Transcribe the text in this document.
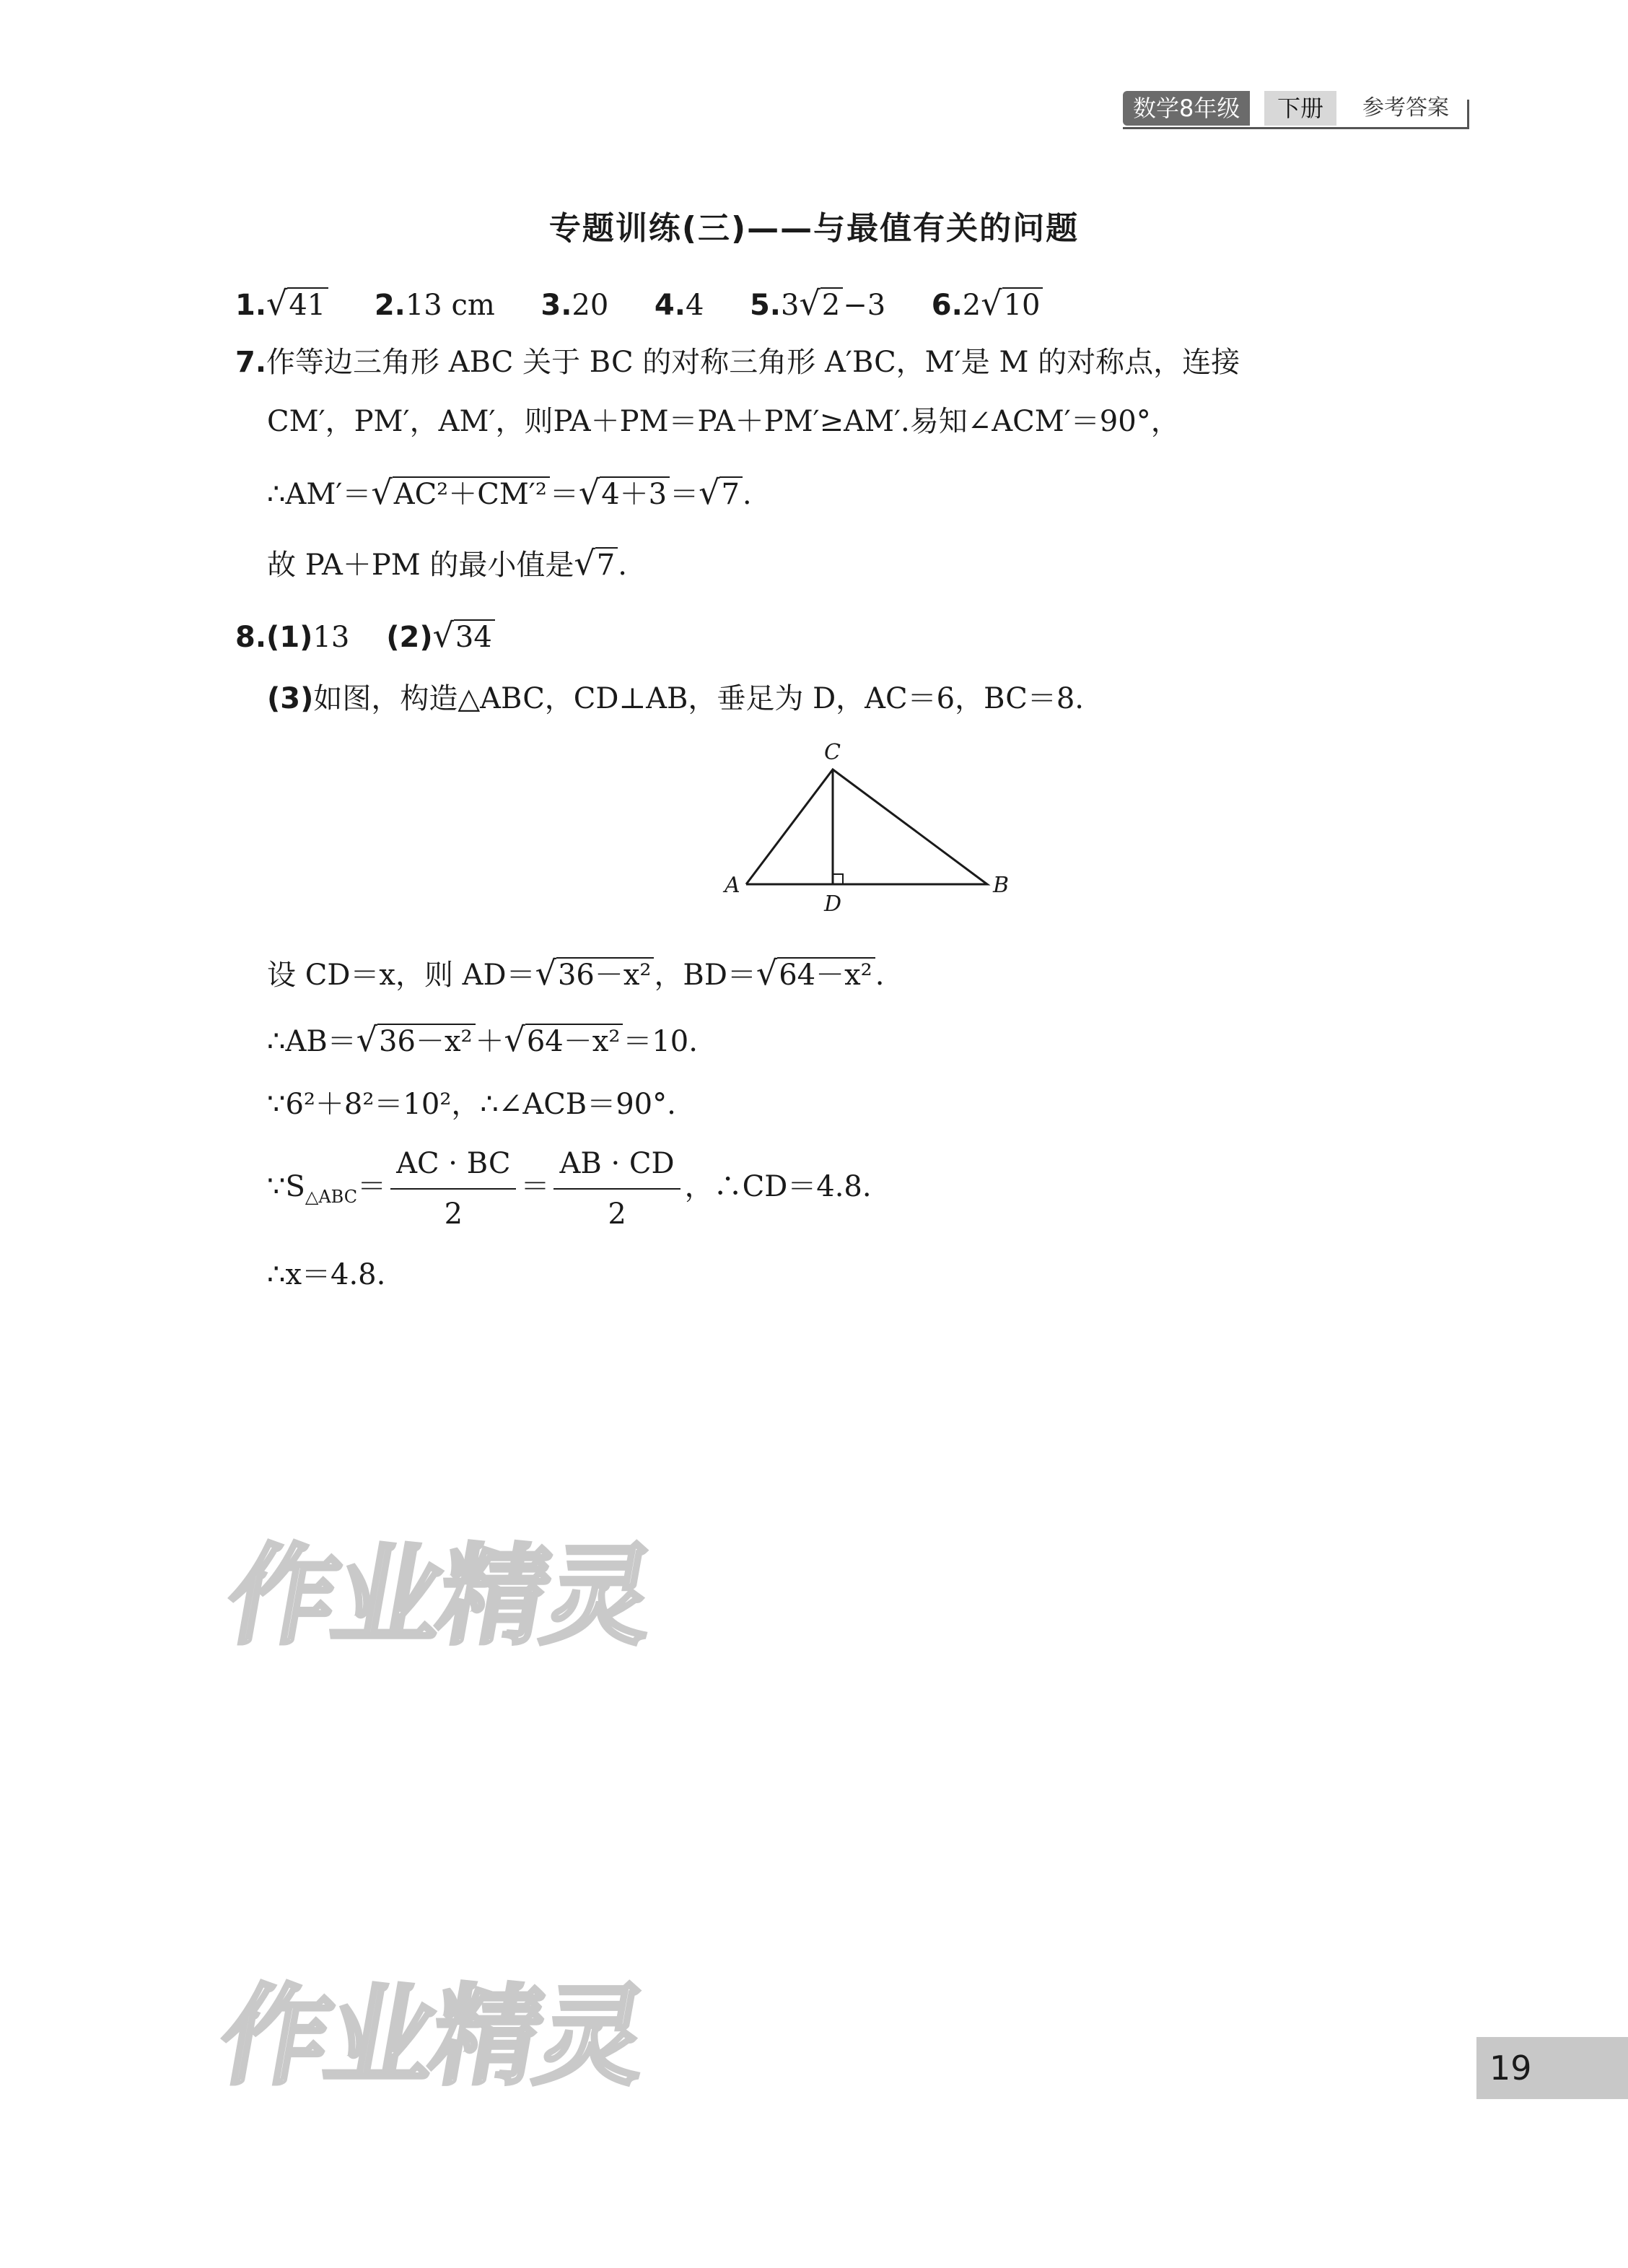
数学8年级	下册	参考答案
专题训练(三)——与最值有关的问题
1.√41 2.13 cm 3.20 4.4 5.3√2 −3 6.2√10
7.作等边三角形 ABC 关于 BC 的对称三角形 A′BC，M′是 M 的对称点，连接
CM′，PM′，AM′，则PA＋PM＝PA＋PM′≥AM′.易知∠ACM′＝90°，
∴AM′＝√AC²＋CM′² ＝√4＋3 ＝√7 .
故 PA＋PM 的最小值是√7 .
8.(1)13 (2)√34
(3)如图，构造△ABC，CD⊥AB，垂足为 D，AC＝6，BC＝8.
C
A	B
D
设 CD＝x，则 AD＝√36－x² ，BD＝√64－x² .
∴AB＝√36－x² ＋√64－x² ＝10.
∵6²＋8²＝10²，∴∠ACB＝90°.
$\because S_{\triangle ABC}= \frac{AC \cdot BC}{2} = \frac{AB \cdot CD}{2}$ ，∴CD＝4.8.
∴x＝4.8.
作业精灵
作业精灵	19
